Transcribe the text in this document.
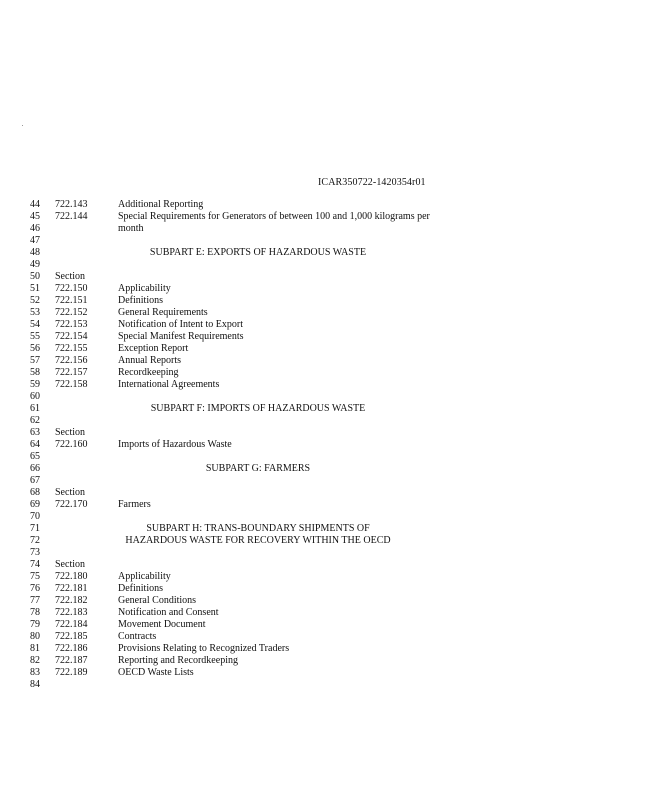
ICAR350722-1420354r01
44	722.143	Additional Reporting
45	722.144	Special Requirements for Generators of between 100 and 1,000 kilograms per
46	month
47
48	SUBPART E: EXPORTS OF HAZARDOUS WASTE
49
50	Section
51	722.150	Applicability
52	722.151	Definitions
53	722.152	General Requirements
54	722.153	Notification of Intent to Export
55	722.154	Special Manifest Requirements
56	722.155	Exception Report
57	722.156	Annual Reports
58	722.157	Recordkeeping
59	722.158	International Agreements
60
61	SUBPART F: IMPORTS OF HAZARDOUS WASTE
62
63	Section
64	722.160	Imports of Hazardous Waste
65
66	SUBPART G: FARMERS
67
68	Section
69	722.170	Farmers
70
71	SUBPART H: TRANS-BOUNDARY SHIPMENTS OF
72	HAZARDOUS WASTE FOR RECOVERY WITHIN THE OECD
73
74	Section
75	722.180	Applicability
76	722.181	Definitions
77	722.182	General Conditions
78	722.183	Notification and Consent
79	722.184	Movement Document
80	722.185	Contracts
81	722.186	Provisions Relating to Recognized Traders
82	722.187	Reporting and Recordkeeping
83	722.189	OECD Waste Lists
84
